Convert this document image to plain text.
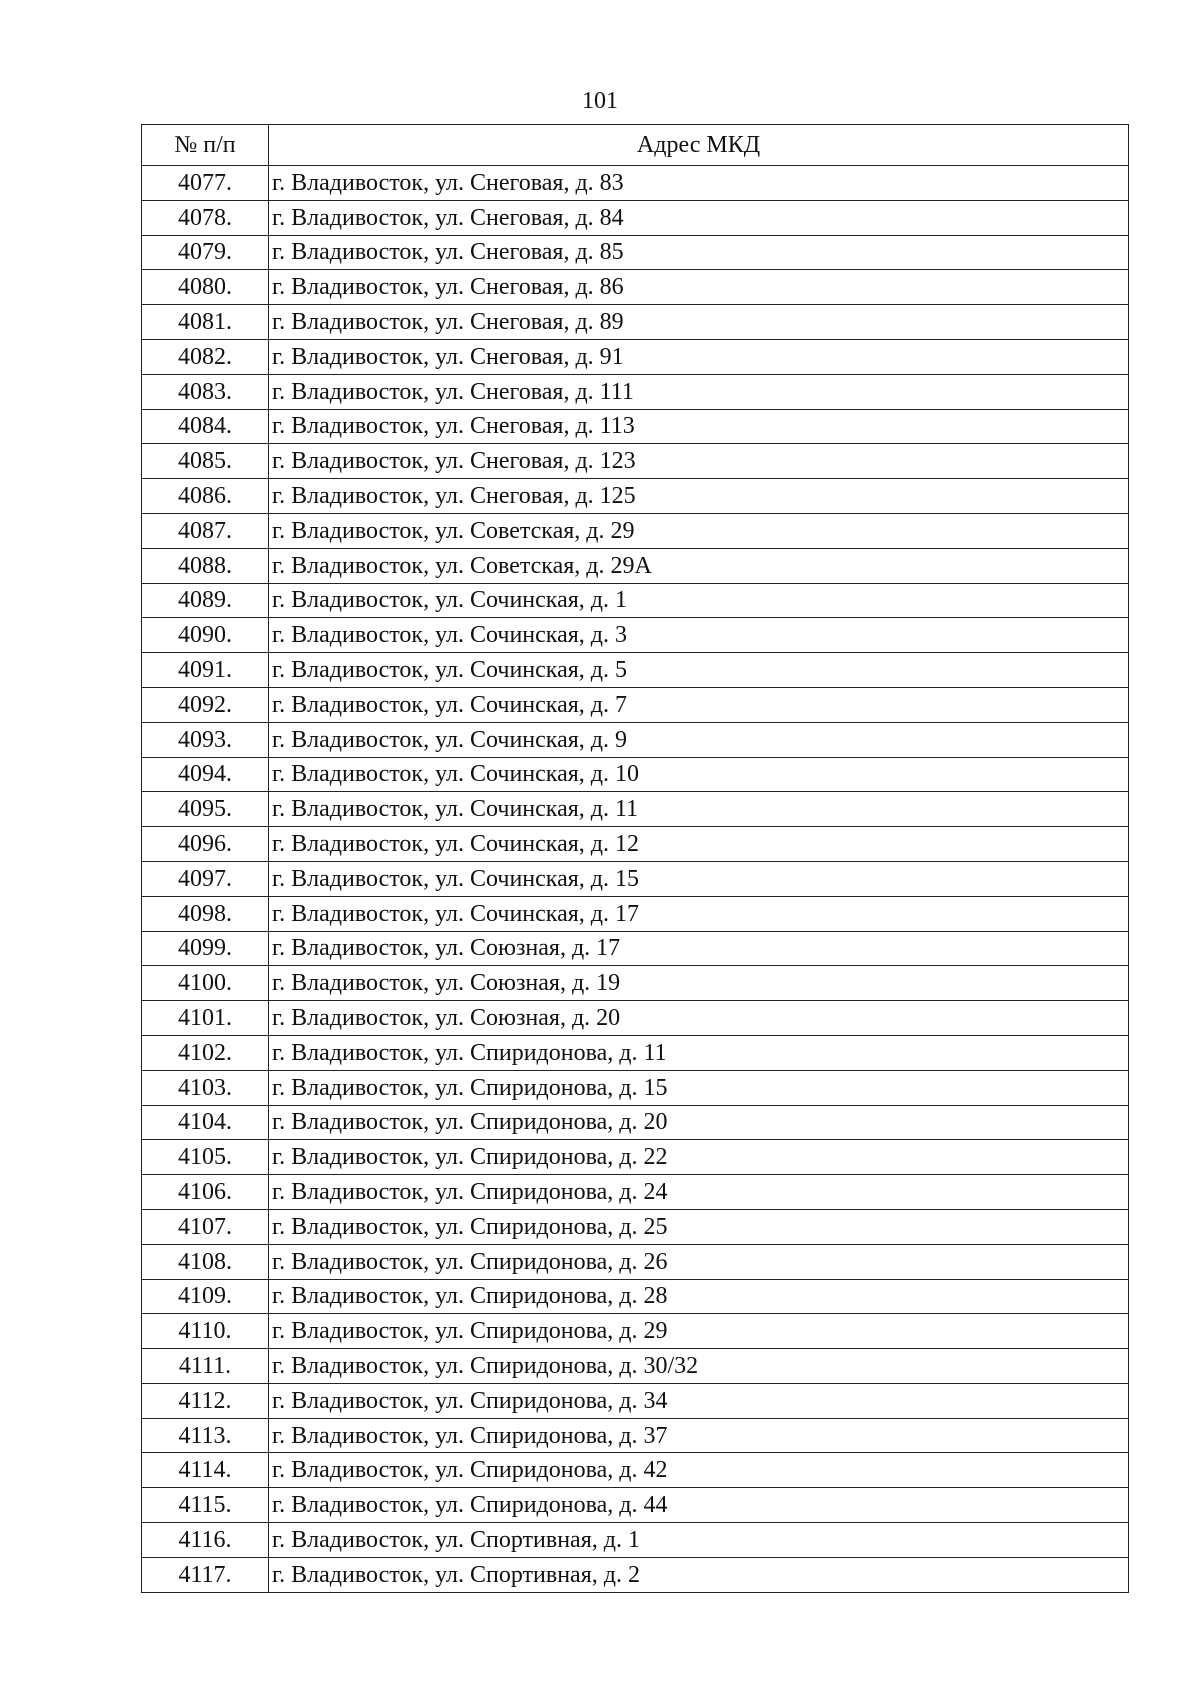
101
№ п/п	Адрес МКД
4077.	г. Владивосток, ул. Снеговая, д. 83
4078.	г. Владивосток, ул. Снеговая, д. 84
4079.	г. Владивосток, ул. Снеговая, д. 85
4080.	г. Владивосток, ул. Снеговая, д. 86
4081.	г. Владивосток, ул. Снеговая, д. 89
4082.	г. Владивосток, ул. Снеговая, д. 91
4083.	г. Владивосток, ул. Снеговая, д. 111
4084.	г. Владивосток, ул. Снеговая, д. 113
4085.	г. Владивосток, ул. Снеговая, д. 123
4086.	г. Владивосток, ул. Снеговая, д. 125
4087.	г. Владивосток, ул. Советская, д. 29
4088.	г. Владивосток, ул. Советская, д. 29А
4089.	г. Владивосток, ул. Сочинская, д. 1
4090.	г. Владивосток, ул. Сочинская, д. 3
4091.	г. Владивосток, ул. Сочинская, д. 5
4092.	г. Владивосток, ул. Сочинская, д. 7
4093.	г. Владивосток, ул. Сочинская, д. 9
4094.	г. Владивосток, ул. Сочинская, д. 10
4095.	г. Владивосток, ул. Сочинская, д. 11
4096.	г. Владивосток, ул. Сочинская, д. 12
4097.	г. Владивосток, ул. Сочинская, д. 15
4098.	г. Владивосток, ул. Сочинская, д. 17
4099.	г. Владивосток, ул. Союзная, д. 17
4100.	г. Владивосток, ул. Союзная, д. 19
4101.	г. Владивосток, ул. Союзная, д. 20
4102.	г. Владивосток, ул. Спиридонова, д. 11
4103.	г. Владивосток, ул. Спиридонова, д. 15
4104.	г. Владивосток, ул. Спиридонова, д. 20
4105.	г. Владивосток, ул. Спиридонова, д. 22
4106.	г. Владивосток, ул. Спиридонова, д. 24
4107.	г. Владивосток, ул. Спиридонова, д. 25
4108.	г. Владивосток, ул. Спиридонова, д. 26
4109.	г. Владивосток, ул. Спиридонова, д. 28
4110.	г. Владивосток, ул. Спиридонова, д. 29
4111.	г. Владивосток, ул. Спиридонова, д. 30/32
4112.	г. Владивосток, ул. Спиридонова, д. 34
4113.	г. Владивосток, ул. Спиридонова, д. 37
4114.	г. Владивосток, ул. Спиридонова, д. 42
4115.	г. Владивосток, ул. Спиридонова, д. 44
4116.	г. Владивосток, ул. Спортивная, д. 1
4117.	г. Владивосток, ул. Спортивная, д. 2
